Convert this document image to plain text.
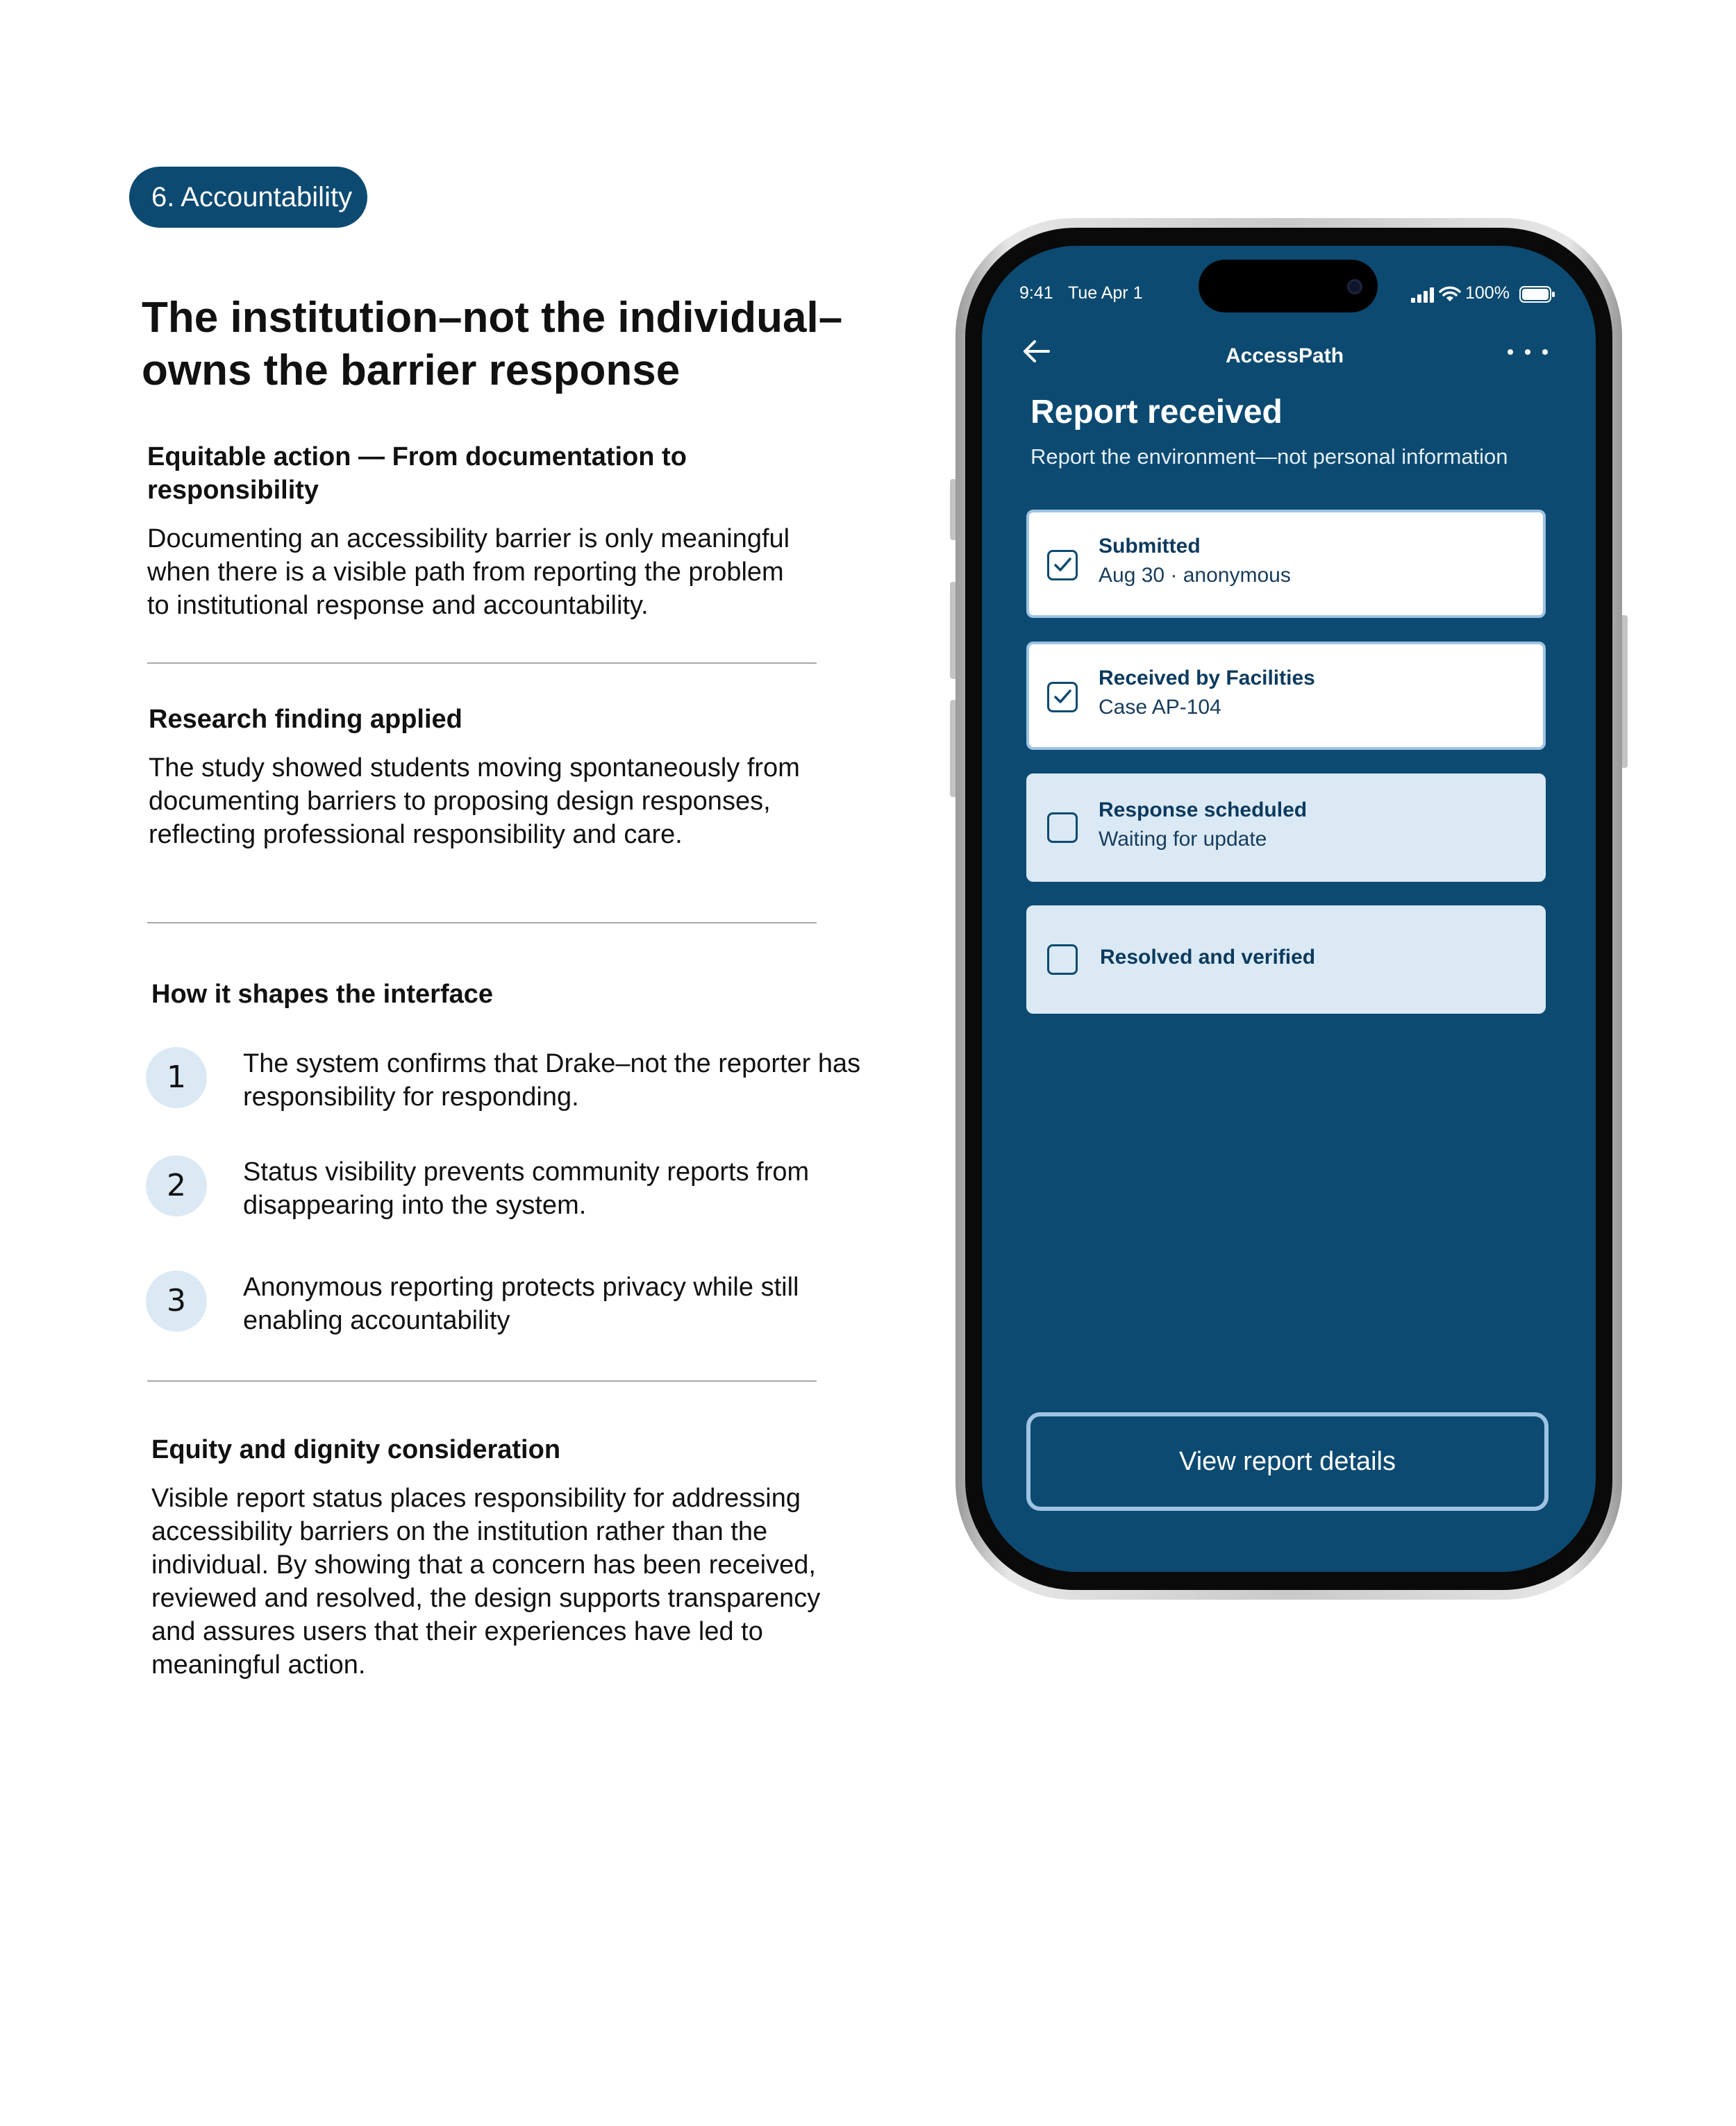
6. Accountability
The institution–not the individual–
owns the barrier response
Equitable action — From documentation to
responsibility
Documenting an accessibility barrier is only meaningful
when there is a visible path from reporting the problem
to institutional response and accountability.
Research finding applied
The study showed students moving spontaneously from
documenting barriers to proposing design responses,
reflecting professional responsibility and care.
How it shapes the interface
1	The system confirms that Drake–not the reporter has
responsibility for responding.
2	Status visibility prevents community reports from
disappearing into the system.
3	Anonymous reporting protects privacy while still
enabling accountability
Equity and dignity consideration
Visible report status places responsibility for addressing
accessibility barriers on the institution rather than the
individual. By showing that a concern has been received,
reviewed and resolved, the design supports transparency
and assures users that their experiences have led to
meaningful action.
9:41 Tue Apr 1	100%
AccessPath
Report received
Report the environment—not personal information
Submitted
Aug 30 · anonymous
Received by Facilities
Case AP-104
Response scheduled
Waiting for update
Resolved and verified
View report details
